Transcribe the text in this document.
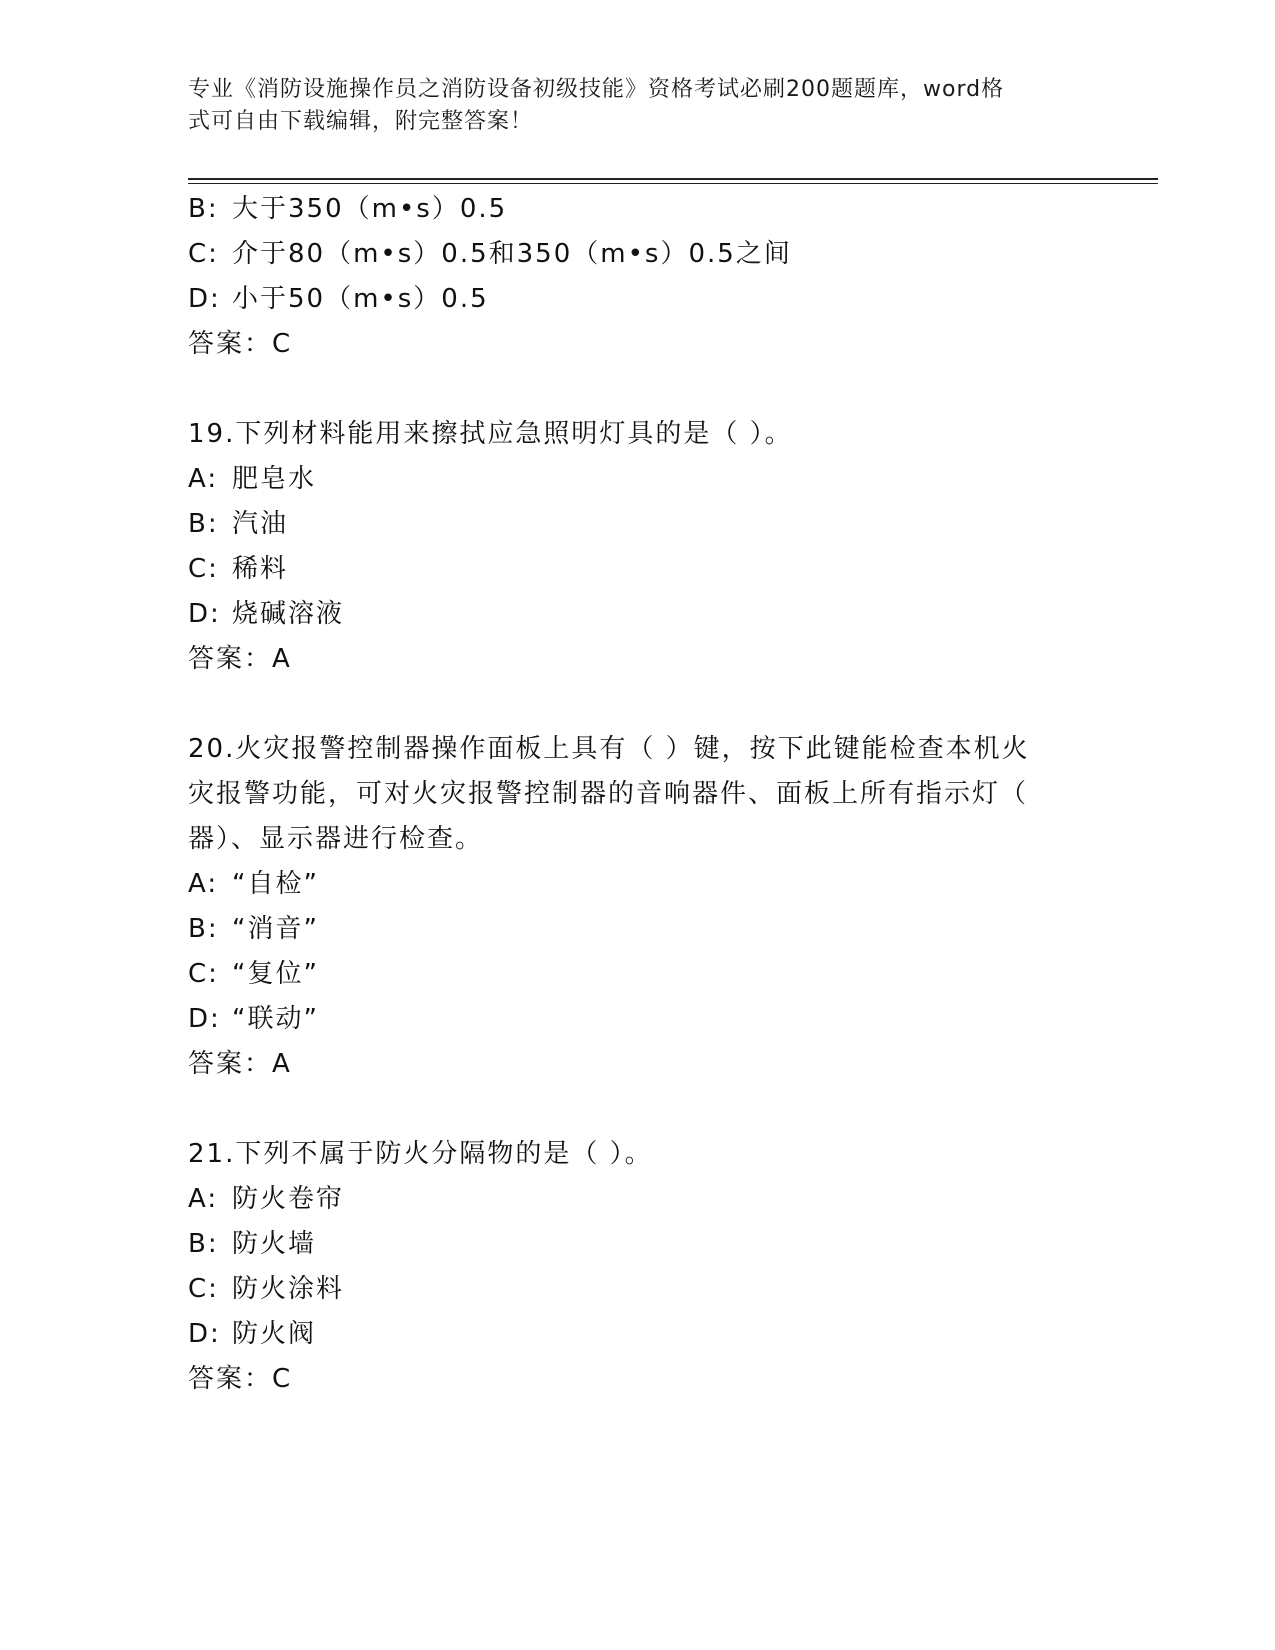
专业《消防设施操作员之消防设备初级技能》资格考试必刷200题题库，word格
式可自由下载编辑，附完整答案！
B: 大于350（m•s）0.5
C: 介于80（m•s）0.5和350（m•s）0.5之间
D: 小于50（m•s）0.5
答案：C
19.下列材料能用来擦拭应急照明灯具的是（ ）。
A: 肥皂水
B: 汽油
C: 稀料
D: 烧碱溶液
答案：A
20.火灾报警控制器操作面板上具有（ ）键，按下此键能检查本机火
灾报警功能，可对火灾报警控制器的音响器件、面板上所有指示灯（
器）、显示器进行检查。
A: “自检”
B: “消音”
C: “复位”
D: “联动”
答案：A
21.下列不属于防火分隔物的是（ ）。
A: 防火卷帘
B: 防火墙
C: 防火涂料
D: 防火阀
答案：C
